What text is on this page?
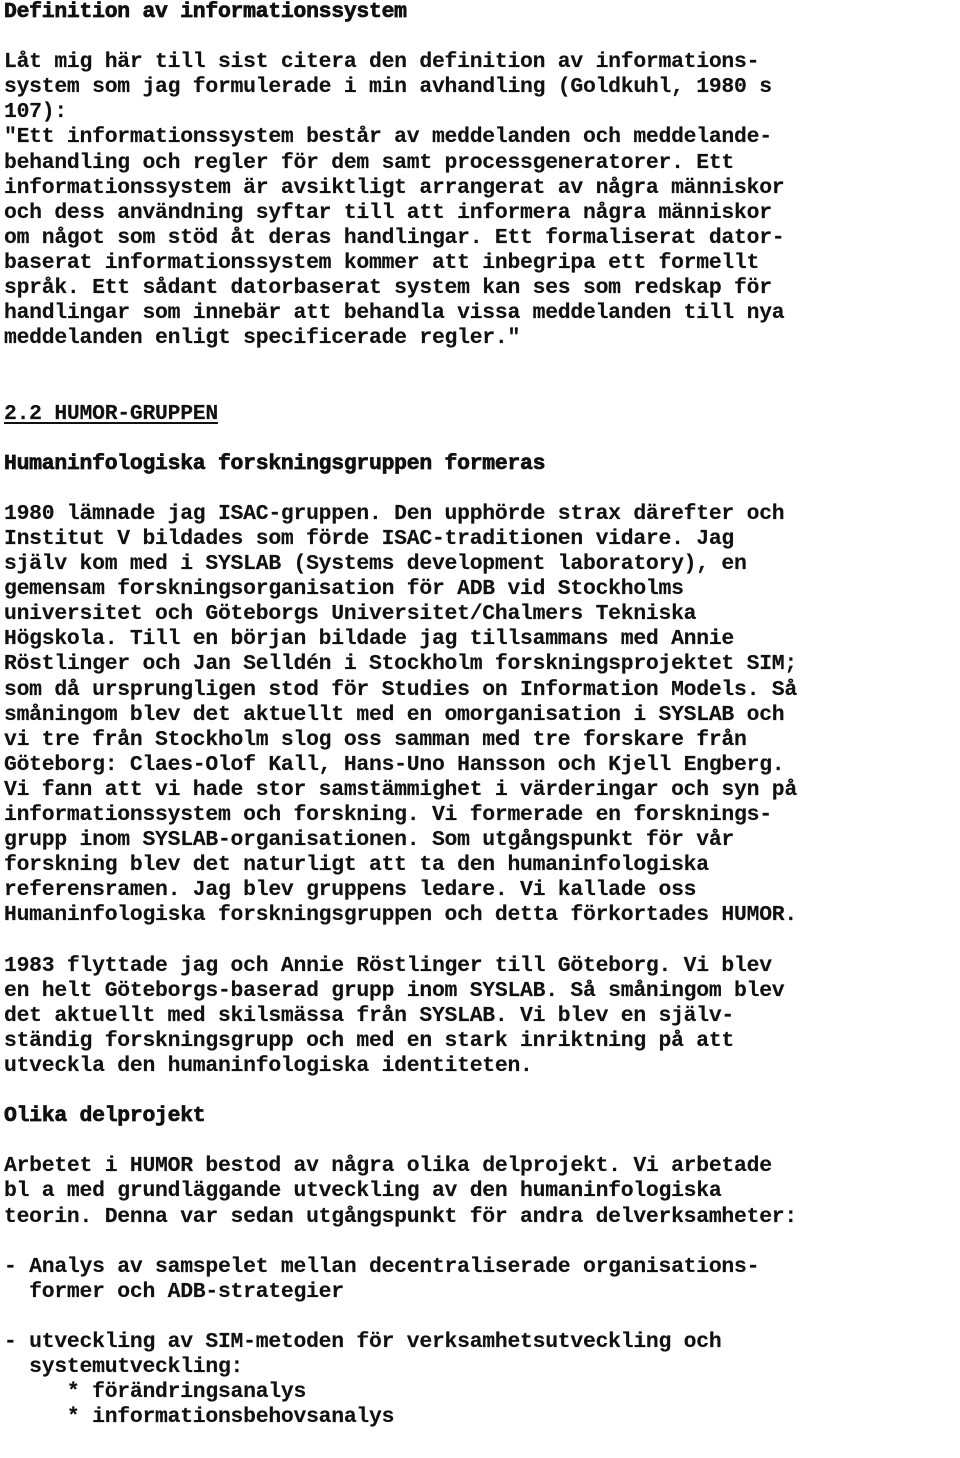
Definition av informationssystem
Låt mig här till sist citera den definition av informations-
system som jag formulerade i min avhandling (Goldkuhl, 1980 s
107):
"Ett informationssystem består av meddelanden och meddelande-
behandling och regler för dem samt processgeneratorer. Ett
informationssystem är avsiktligt arrangerat av några människor
och dess användning syftar till att informera några människor
om något som stöd åt deras handlingar. Ett formaliserat dator-
baserat informationssystem kommer att inbegripa ett formellt
språk. Ett sådant datorbaserat system kan ses som redskap för
handlingar som innebär att behandla vissa meddelanden till nya
meddelanden enligt specificerade regler."
2.2 HUMOR-GRUPPEN
Humaninfologiska forskningsgruppen formeras
1980 lämnade jag ISAC-gruppen. Den upphörde strax därefter och
Institut V bildades som förde ISAC-traditionen vidare. Jag
själv kom med i SYSLAB (Systems development laboratory), en
gemensam forskningsorganisation för ADB vid Stockholms
universitet och Göteborgs Universitet/Chalmers Tekniska
Högskola. Till en början bildade jag tillsammans med Annie
Röstlinger och Jan Selldén i Stockholm forskningsprojektet SIM;
som då ursprungligen stod för Studies on Information Models. Så
småningom blev det aktuellt med en omorganisation i SYSLAB och
vi tre från Stockholm slog oss samman med tre forskare från
Göteborg: Claes-Olof Kall, Hans-Uno Hansson och Kjell Engberg.
Vi fann att vi hade stor samstämmighet i värderingar och syn på
informationssystem och forskning. Vi formerade en forsknings-
grupp inom SYSLAB-organisationen. Som utgångspunkt för vår
forskning blev det naturligt att ta den humaninfologiska
referensramen. Jag blev gruppens ledare. Vi kallade oss
Humaninfologiska forskningsgruppen och detta förkortades HUMOR.
1983 flyttade jag och Annie Röstlinger till Göteborg. Vi blev
en helt Göteborgs-baserad grupp inom SYSLAB. Så småningom blev
det aktuellt med skilsmässa från SYSLAB. Vi blev en själv-
ständig forskningsgrupp och med en stark inriktning på att
utveckla den humaninfologiska identiteten.
Olika delprojekt
Arbetet i HUMOR bestod av några olika delprojekt. Vi arbetade
bl a med grundläggande utveckling av den humaninfologiska
teorin. Denna var sedan utgångspunkt för andra delverksamheter:
- Analys av samspelet mellan decentraliserade organisations-
former och ADB-strategier
- utveckling av SIM-metoden för verksamhetsutveckling och
systemutveckling:
* förändringsanalys
* informationsbehovsanalys
